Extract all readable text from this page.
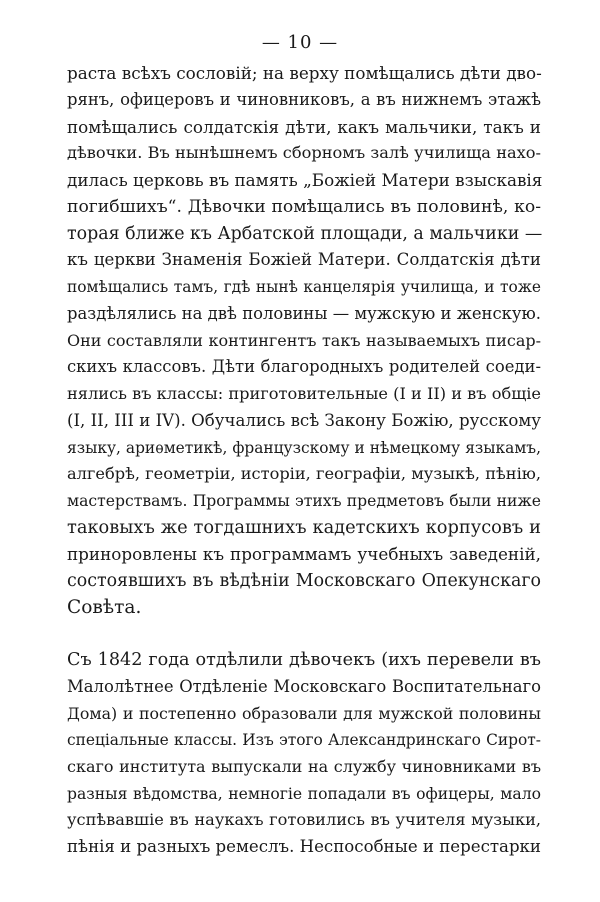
— 10 —
раста всѣхъ сословій; на верху помѣщались дѣти дво-
рянъ, офицеровъ и чиновниковъ, а въ нижнемъ этажѣ
помѣщались солдатскія дѣти, какъ мальчики, такъ и
дѣвочки. Въ нынѣшнемъ сборномъ залѣ училища нахо-
дилась церковь въ память „Божіей Матери взыскавія
погибшихъ“. Дѣвочки помѣщались въ половинѣ, ко-
торая ближе къ Арбатской площади, а мальчики —
къ церкви Знаменія Божіей Матери. Солдатскія дѣти
помѣщались тамъ, гдѣ нынѣ канцелярія училища, и тоже
раздѣлялись на двѣ половины — мужскую и женскую.
Они составляли контингентъ такъ называемыхъ писар-
скихъ классовъ. Дѣти благородныхъ родителей соеди-
нялись въ классы: приготовительные (I и II) и въ общіе
(I, II, III и IV). Обучались всѣ Закону Божію, русскому
языку, ариѳметикѣ, французскому и нѣмецкому языкамъ,
алгебрѣ, геометріи, исторіи, географіи, музыкѣ, пѣнію,
мастерствамъ. Программы этихъ предметовъ были ниже
таковыхъ же тогдашнихъ кадетскихъ корпусовъ и
приноровлены къ программамъ учебныхъ заведеній,
состоявшихъ въ вѣдѣніи Московскаго Опекунскаго
Совѣта.
Съ 1842 года отдѣлили дѣвочекъ (ихъ перевели въ
Малолѣтнее Отдѣленіе Московскаго Воспитательнаго
Дома) и постепенно образовали для мужской половины
спеціальные классы. Изъ этого Александринскаго Сирот-
скаго института выпускали на службу чиновниками въ
разныя вѣдомства, немногіе попадали въ офицеры, мало
успѣвавшіе въ наукахъ готовились въ учителя музыки,
пѣнія и разныхъ ремеслъ. Неспособные и перестарки
